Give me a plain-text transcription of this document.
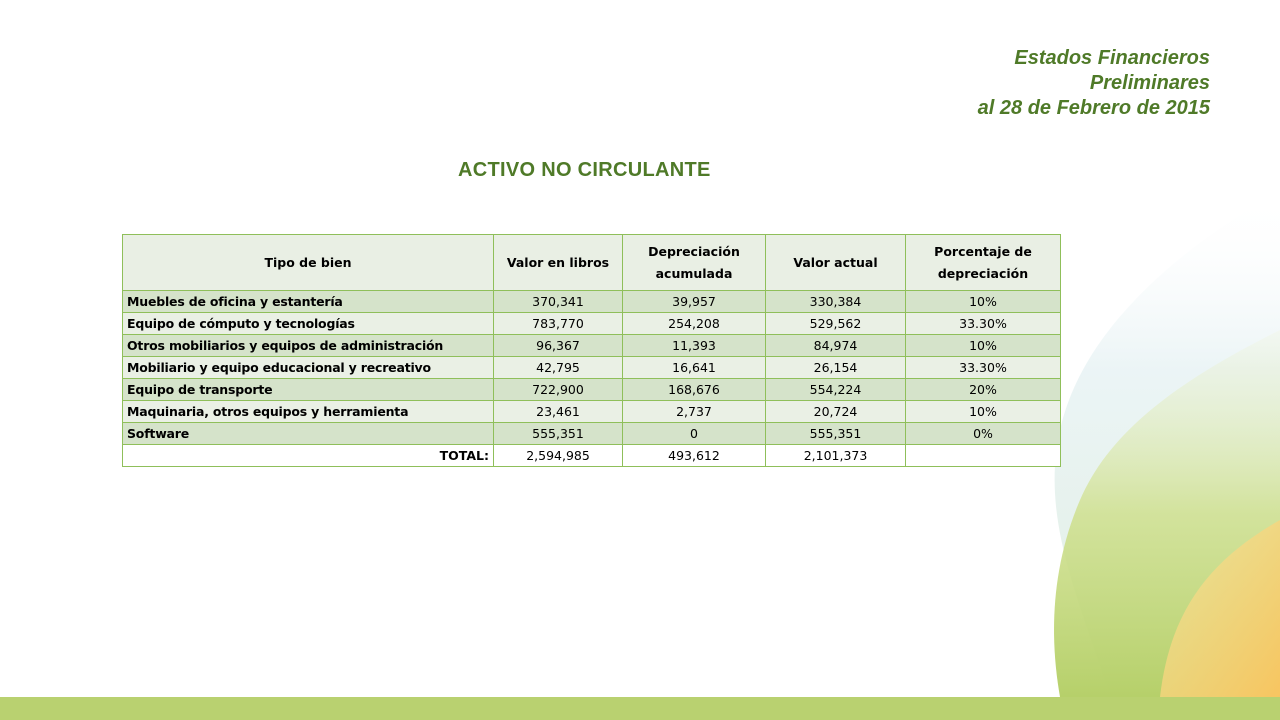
Estados Financieros
Preliminares
al 28 de Febrero de 2015
ACTIVO NO CIRCULANTE
Tipo de bien	Valor en libros	Depreciación acumulada	Valor actual	Porcentaje de depreciación
Muebles de oficina y estantería	370,341	39,957	330,384	10%
Equipo de cómputo y tecnologías	783,770	254,208	529,562	33.30%
Otros mobiliarios y equipos de administración	96,367	11,393	84,974	10%
Mobiliario y equipo educacional y recreativo	42,795	16,641	26,154	33.30%
Equipo de transporte	722,900	168,676	554,224	20%
Maquinaria, otros equipos y herramienta	23,461	2,737	20,724	10%
Software	555,351	0	555,351	0%
TOTAL:	2,594,985	493,612	2,101,373	
